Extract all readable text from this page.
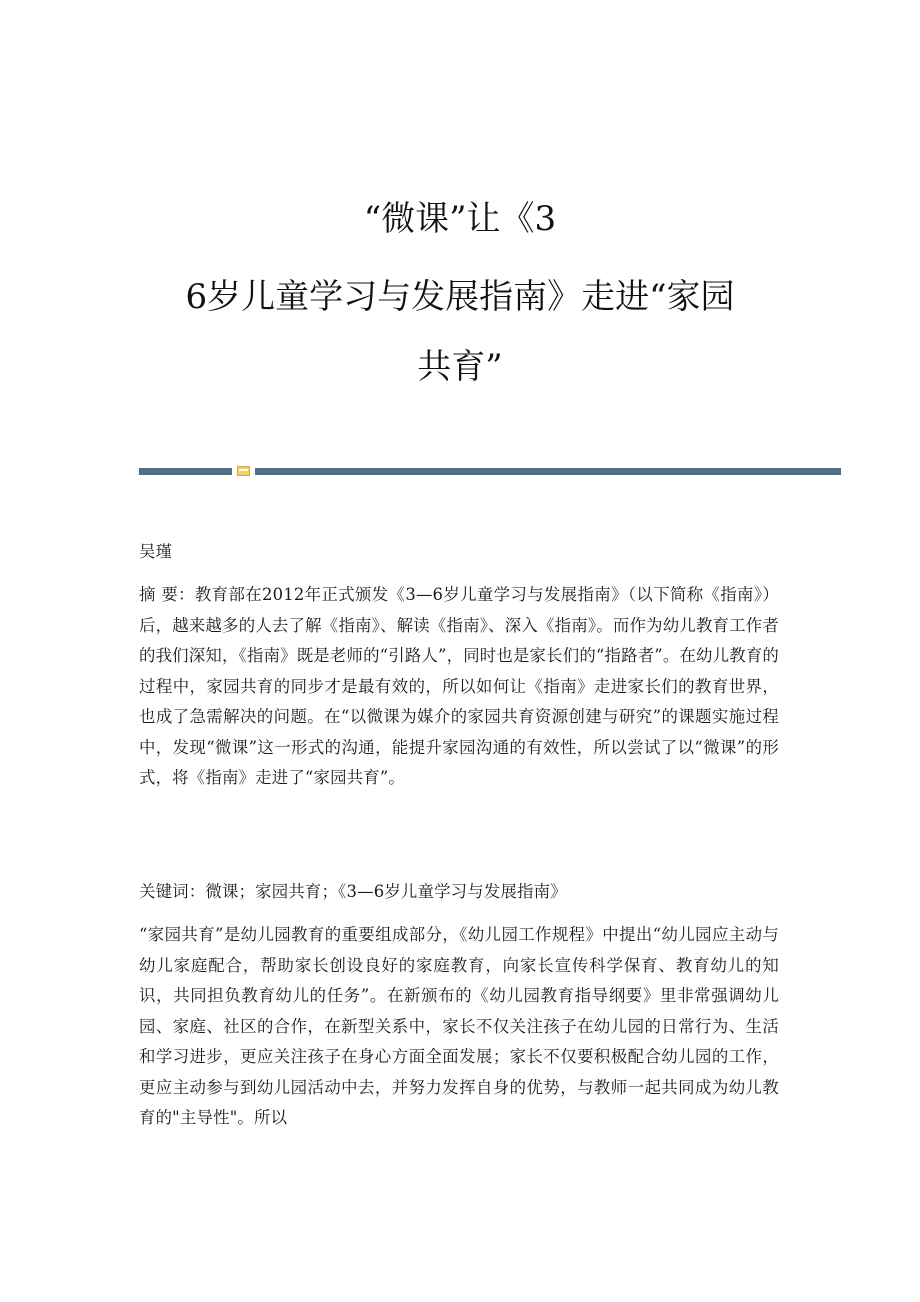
“微课”让《3
6岁儿童学习与发展指南》走进“家园
共育”
吴瑾
摘 要：教育部在2012年正式颁发《3—6岁儿童学习与发展指南》（以下简称《指南》）后，越来越多的人去了解《指南》、解读《指南》、深入《指南》。而作为幼儿教育工作者的我们深知，《指南》既是老师的“引路人”，同时也是家长们的“指路者”。在幼儿教育的过程中，家园共育的同步才是最有效的，所以如何让《指南》走进家长们的教育世界，也成了急需解决的问题。在“以微课为媒介的家园共育资源创建与研究”的课题实施过程中，发现“微课”这一形式的沟通，能提升家园沟通的有效性，所以尝试了以“微课”的形式，将《指南》走进了“家园共育”。
关键词：微课；家园共育；《3—6岁儿童学习与发展指南》
“家园共育”是幼儿园教育的重要组成部分，《幼儿园工作规程》中提出“幼儿园应主动与幼儿家庭配合，帮助家长创设良好的家庭教育，向家长宣传科学保育、教育幼儿的知识，共同担负教育幼儿的任务”。在新颁布的《幼儿园教育指导纲要》里非常强调幼儿园、家庭、社区的合作，在新型关系中，家长不仅关注孩子在幼儿园的日常行为、生活和学习进步，更应关注孩子在身心方面全面发展；家长不仅要积极配合幼儿园的工作，更应主动参与到幼儿园活动中去，并努力发挥自身的优势，与教师一起共同成为幼儿教育的"主导性"。所以
